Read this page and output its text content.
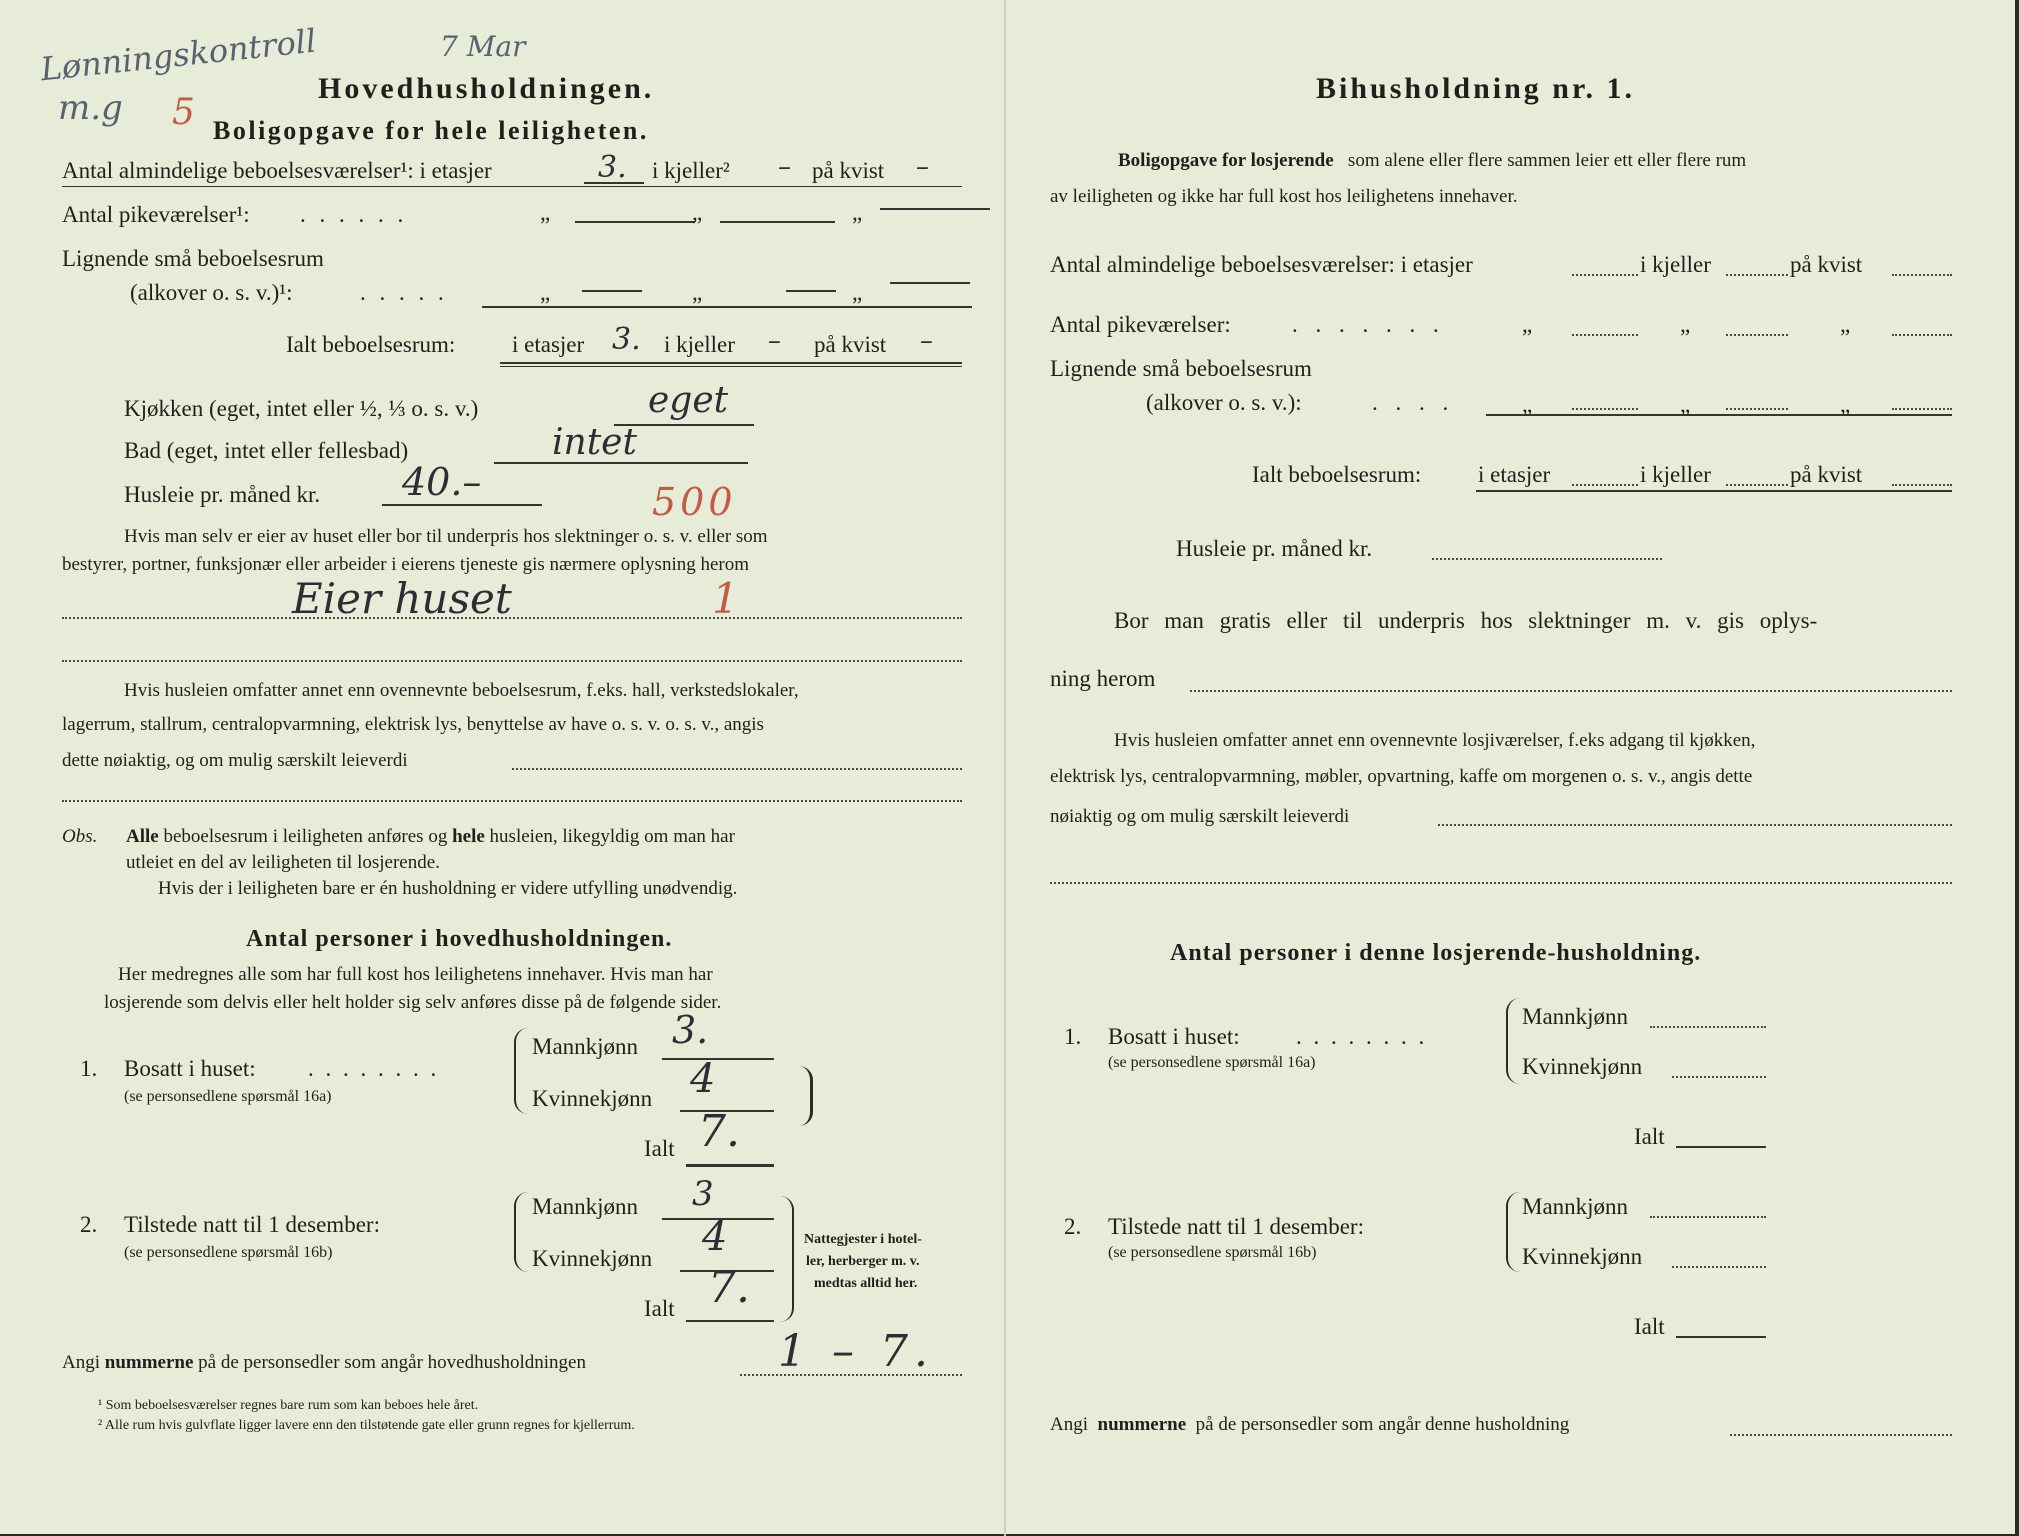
Lønningskontroll	7 Mar
m.g 5
Hovedhusholdningen.
Boligopgave for hele leiligheten.
Antal almindelige beboelsesværelser¹: i etasjer	3. i kjeller² – på kvist –
Antal pikeværelser¹: . . . . . .	„	„	„
Lignende små beboelsesrum
(alkover o. s. v.)¹:	. . . . .	„	„	„
Ialt beboelsesrum: i etasjer 3. i kjeller – på kvist –
Kjøkken (eget, intet eller ½, ⅓ o. s. v.)	eget
Bad (eget, intet eller fellesbad)	intet
Husleie pr. måned kr. 40.–	500
Hvis man selv er eier av huset eller bor til underpris hos slektninger o. s. v. eller som
bestyrer, portner, funksjonær eller arbeider i eierens tjeneste gis nærmere oplysning herom
Eier huset	1
Hvis husleien omfatter annet enn ovennevnte beboelsesrum, f.eks. hall, verkstedslokaler,
lagerrum, stallrum, centralopvarmning, elektrisk lys, benyttelse av have o. s. v. o. s. v., angis
dette nøiaktig, og om mulig særskilt leieverdi
Obs. Alle beboelsesrum i leiligheten anføres og hele husleien, likegyldig om man har
utleiet en del av leiligheten til losjerende.
Hvis der i leiligheten bare er én husholdning er videre utfylling unødvendig.
Antal personer i hovedhusholdningen.
Her medregnes alle som har full kost hos leilighetens innehaver. Hvis man har
losjerende som delvis eller helt holder sig selv anføres disse på de følgende sider.
1. Bosatt i huset: . . . . . . . .
(se personsedlene spørsmål 16a)
Mannkjønn 3.
Kvinnekjønn 4
Ialt 7.
2. Tilstede natt til 1 desember:
(se personsedlene spørsmål 16b)
Mannkjønn 3
Kvinnekjønn 4
Ialt 7.
Nattegjester i hotel-
ler, herberger m. v.
medtas alltid her.
Angi nummerne på de personsedler som angår hovedhusholdningen	1 – 7.
¹ Som beboelsesværelser regnes bare rum som kan beboes hele året.
² Alle rum hvis gulvflate ligger lavere enn den tilstøtende gate eller grunn regnes for kjellerrum.
Bihusholdning nr. 1.
Boligopgave for losjerende som alene eller flere sammen leier ett eller flere rum
av leiligheten og ikke har full kost hos leilighetens innehaver.
Antal almindelige beboelsesværelser: i etasjer	i kjeller	på kvist
Antal pikeværelser:	. . . . . . .	„	„	„
Lignende små beboelsesrum
(alkover o. s. v.):	. . . .	„	„	„
Ialt beboelsesrum: i etasjer	i kjeller	på kvist
Husleie pr. måned kr.
Bor man gratis eller til underpris hos slektninger m. v. gis oplys-
ning herom
Hvis husleien omfatter annet enn ovennevnte losjiværelser, f.eks adgang til kjøkken,
elektrisk lys, centralopvarmning, møbler, opvartning, kaffe om morgenen o. s. v., angis dette
nøiaktig og om mulig særskilt leieverdi
Antal personer i denne losjerende-husholdning.
1. Bosatt i huset: . . . . . . . .
(se personsedlene spørsmål 16a)
Mannkjønn
Kvinnekjønn
Ialt
2. Tilstede natt til 1 desember:
(se personsedlene spørsmål 16b)
Mannkjønn
Kvinnekjønn
Ialt
Angi nummerne på de personsedler som angår denne husholdning
